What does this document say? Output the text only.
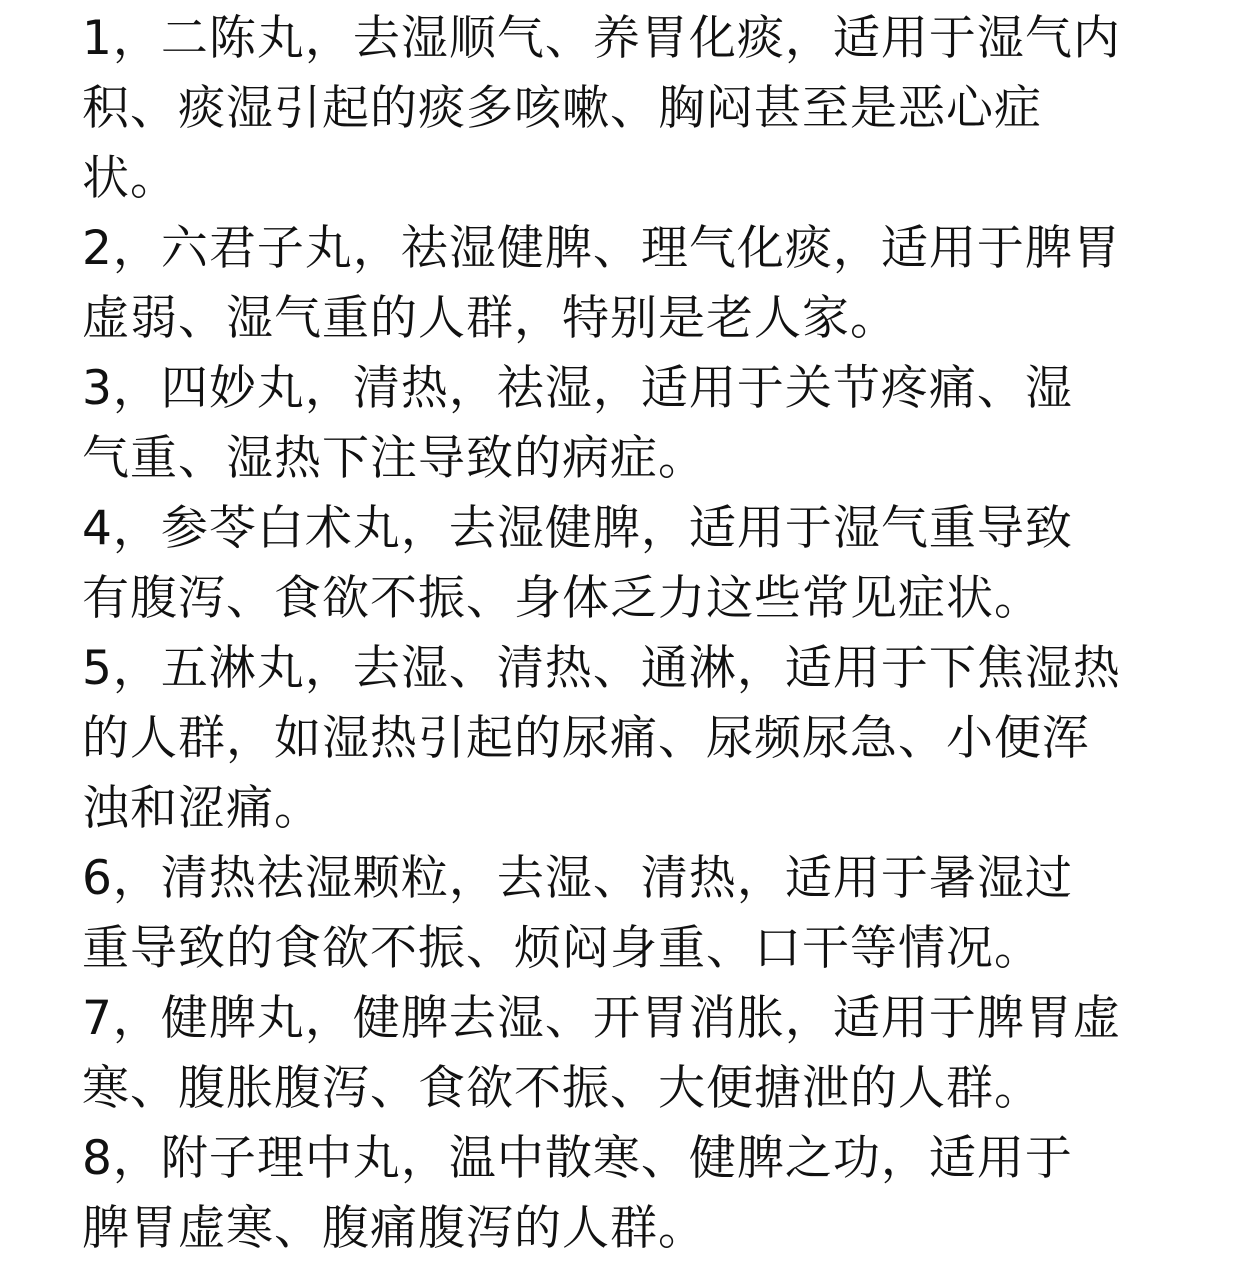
1，二陈丸，去湿顺气、养胃化痰，适用于湿气内
积、痰湿引起的痰多咳嗽、胸闷甚至是恶心症
状。
2，六君子丸，祛湿健脾、理气化痰，适用于脾胃
虚弱、湿气重的人群，特别是老人家。
3，四妙丸，清热，祛湿，适用于关节疼痛、湿
气重、湿热下注导致的病症。
4，参苓白术丸，去湿健脾，适用于湿气重导致
有腹泻、食欲不振、身体乏力这些常见症状。
5，五淋丸，去湿、清热、通淋，适用于下焦湿热
的人群，如湿热引起的尿痛、尿频尿急、小便浑
浊和涩痛。
6，清热祛湿颗粒，去湿、清热，适用于暑湿过
重导致的食欲不振、烦闷身重、口干等情况。
7，健脾丸，健脾去湿、开胃消胀，适用于脾胃虚
寒、腹胀腹泻、食欲不振、大便搪泄的人群。
8，附子理中丸，温中散寒、健脾之功，适用于
脾胃虚寒、腹痛腹泻的人群。
